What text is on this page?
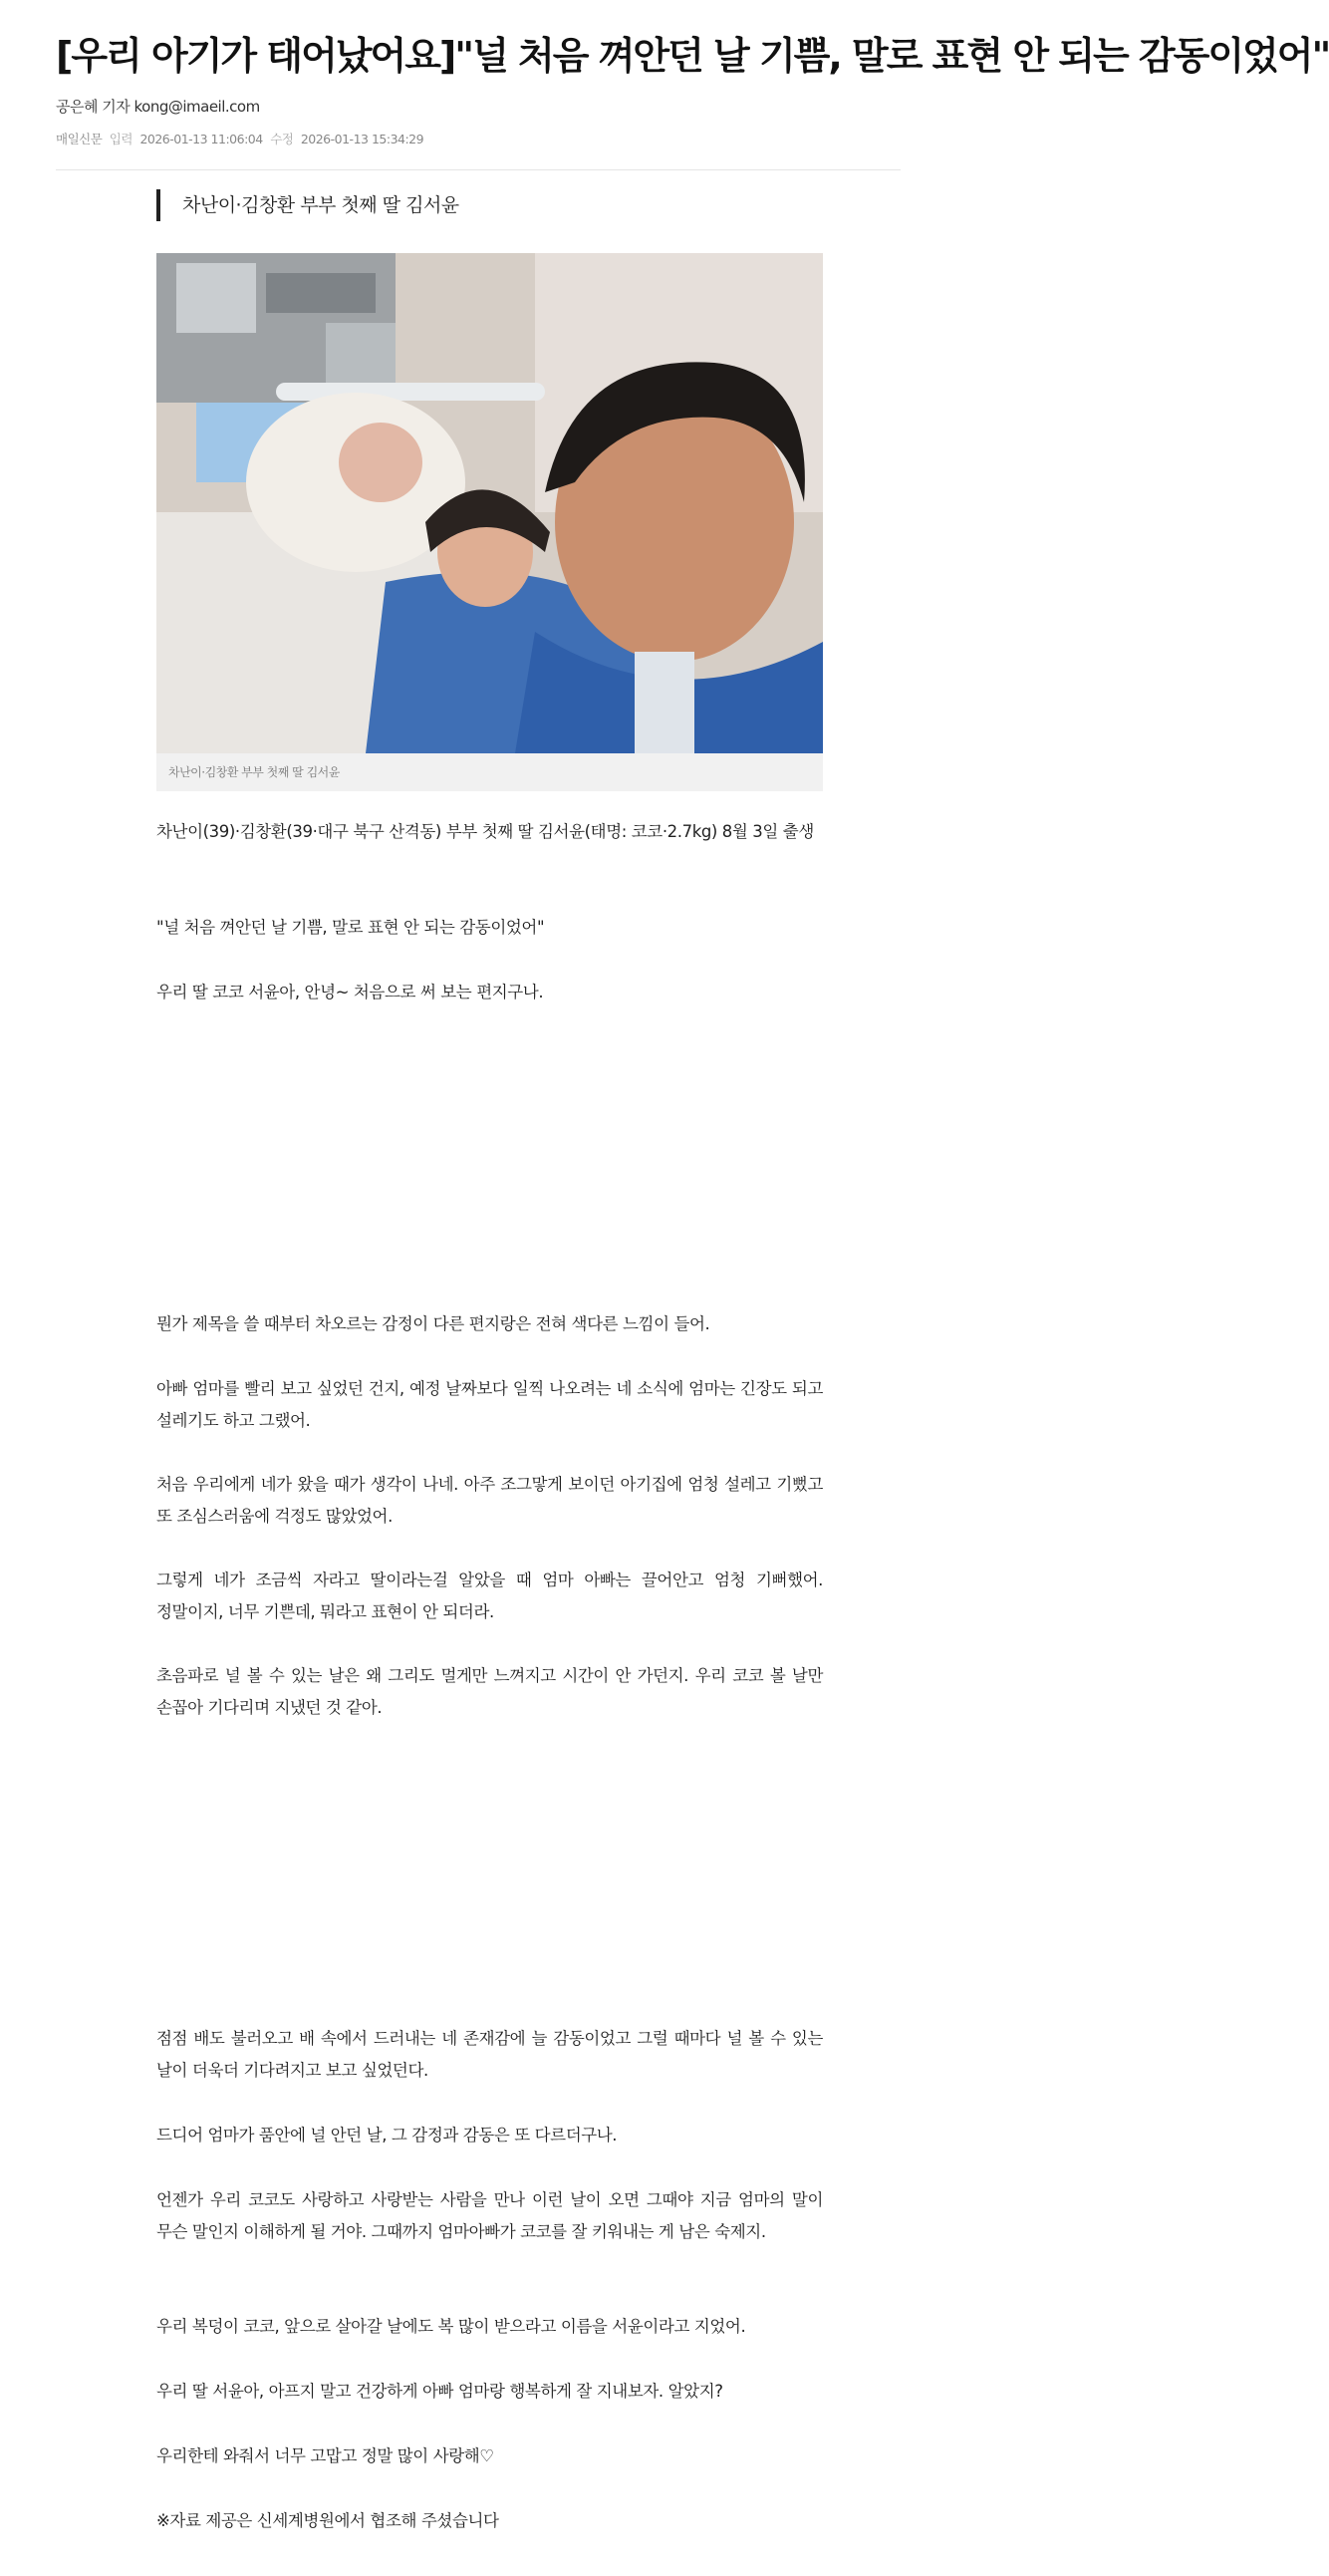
[우리 아기가 태어났어요]"널 처음 껴안던 날 기쁨, 말로 표현 안 되는 감동이었어"
공은혜 기자 kong@imaeil.com
매일신문 입력 2026-01-13 11:06:04 수정 2026-01-13 15:34:29
차난이·김창환 부부 첫째 딸 김서윤
차난이·김창환 부부 첫째 딸 김서윤
차난이(39)·김창환(39·대구 북구 산격동) 부부 첫째 딸 김서윤(태명: 코코·2.7kg) 8월 3일 출생
"널 처음 껴안던 날 기쁨, 말로 표현 안 되는 감동이었어"
우리 딸 코코 서윤아, 안녕~ 처음으로 써 보는 편지구나.
뭔가 제목을 쓸 때부터 차오르는 감정이 다른 편지랑은 전혀 색다른 느낌이 들어.
아빠 엄마를 빨리 보고 싶었던 건지, 예정 날짜보다 일찍 나오려는 네 소식에 엄마는 긴장도 되고 설레기도 하고 그랬어.
처음 우리에게 네가 왔을 때가 생각이 나네. 아주 조그맣게 보이던 아기집에 엄청 설레고 기뻤고 또 조심스러움에 걱정도 많았었어.
그렇게 네가 조금씩 자라고 딸이라는걸 알았을 때 엄마 아빠는 끌어안고 엄청 기뻐했어. 정말이지, 너무 기쁜데, 뭐라고 표현이 안 되더라.
초음파로 널 볼 수 있는 날은 왜 그리도 멀게만 느껴지고 시간이 안 가던지. 우리 코코 볼 날만 손꼽아 기다리며 지냈던 것 같아.
점점 배도 불러오고 배 속에서 드러내는 네 존재감에 늘 감동이었고 그럴 때마다 널 볼 수 있는 날이 더욱더 기다려지고 보고 싶었던다.
드디어 엄마가 품안에 널 안던 날, 그 감정과 감동은 또 다르더구나.
언젠가 우리 코코도 사랑하고 사랑받는 사람을 만나 이런 날이 오면 그때야 지금 엄마의 말이 무슨 말인지 이해하게 될 거야. 그때까지 엄마아빠가 코코를 잘 키워내는 게 남은 숙제지.
우리 복덩이 코코, 앞으로 살아갈 날에도 복 많이 받으라고 이름을 서윤이라고 지었어.
우리 딸 서윤아, 아프지 말고 건강하게 아빠 엄마랑 행복하게 잘 지내보자. 알았지?
우리한테 와줘서 너무 고맙고 정말 많이 사랑해♡
※자료 제공은 신세계병원에서 협조해 주셨습니다
